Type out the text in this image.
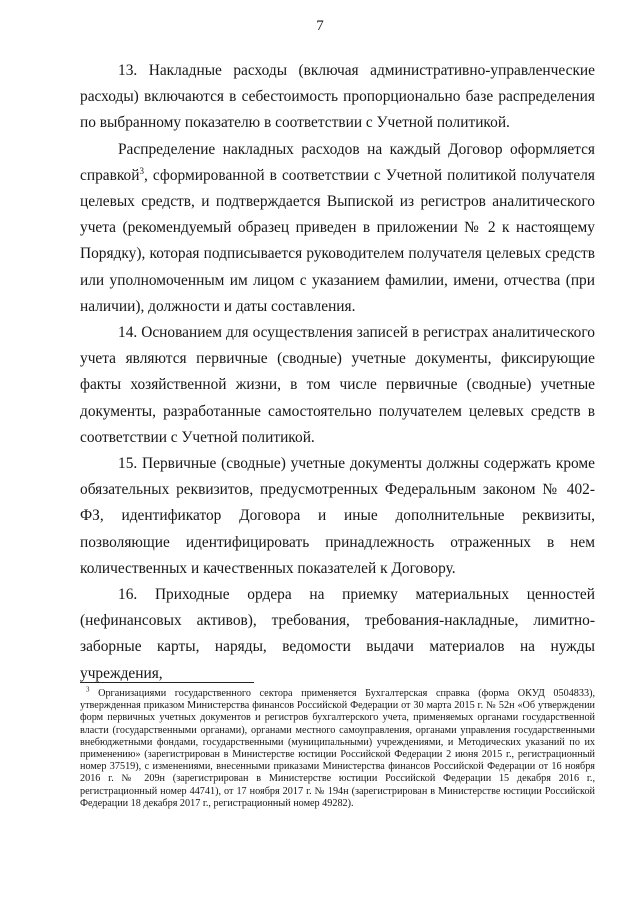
7

13. Накладные расходы (включая административно-управленческие расходы) включаются в себестоимость пропорционально базе распределения по выбранному показателю в соответствии с Учетной политикой.

Распределение накладных расходов на каждый Договор оформляется справкой$^3$, сформированной в соответствии с Учетной политикой получателя целевых средств, и подтверждается Выпиской из регистров аналитического учета (рекомендуемый образец приведен в приложении № 2 к настоящему Порядку), которая подписывается руководителем получателя целевых средств или уполномоченным им лицом с указанием фамилии, имени, отчества (при наличии), должности и даты составления.

14. Основанием для осуществления записей в регистрах аналитического учета являются первичные (сводные) учетные документы, фиксирующие факты хозяйственной жизни, в том числе первичные (сводные) учетные документы, разработанные самостоятельно получателем целевых средств в соответствии с Учетной политикой.

15. Первичные (сводные) учетные документы должны содержать кроме обязательных реквизитов, предусмотренных Федеральным законом № 402-ФЗ, идентификатор Договора и иные дополнительные реквизиты, позволяющие идентифицировать принадлежность отраженных в нем количественных и качественных показателей к Договору.

16. Приходные ордера на приемку материальных ценностей (нефинансовых активов), требования, требования-накладные, лимитно-заборные карты, наряды, ведомости выдачи материалов на нужды учреждения,

$^3$ Организациями государственного сектора применяется Бухгалтерская справка (форма ОКУД 0504833), утвержденная приказом Министерства финансов Российской Федерации от 30 марта 2015 г. № 52н «Об утверждении форм первичных учетных документов и регистров бухгалтерского учета, применяемых органами государственной власти (государственными органами), органами местного самоуправления, органами управления государственными внебюджетными фондами, государственными (муниципальными) учреждениями, и Методических указаний по их применению» (зарегистрирован в Министерстве юстиции Российской Федерации 2 июня 2015 г., регистрационный номер 37519), с изменениями, внесенными приказами Министерства финансов Российской Федерации от 16 ноября 2016 г. № 209н (зарегистрирован в Министерстве юстиции Российской Федерации 15 декабря 2016 г., регистрационный номер 44741), от 17 ноября 2017 г. № 194н (зарегистрирован в Министерстве юстиции Российской Федерации 18 декабря 2017 г., регистрационный номер 49282).
